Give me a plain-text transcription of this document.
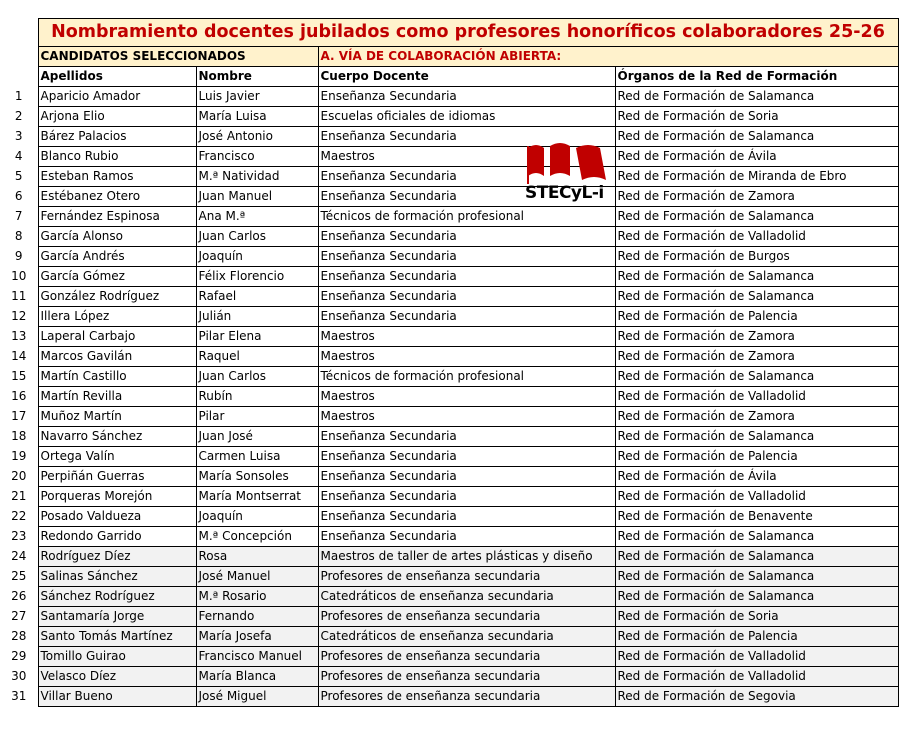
	Nombramiento docentes jubilados como profesores honoríficos colaboradores 25-26			
	CANDIDATOS SELECCIONADOS		A. VÍA DE COLABORACIÓN ABIERTA:	
	Apellidos	Nombre	Cuerpo Docente	Órganos de la Red de Formación
1	Aparicio Amador	Luis Javier	Enseñanza Secundaria	Red de Formación de Salamanca
2	Arjona Elio	María Luisa	Escuelas oficiales de idiomas	Red de Formación de Soria
3	Bárez Palacios	José Antonio	Enseñanza Secundaria	Red de Formación de Salamanca
4	Blanco Rubio	Francisco	Maestros	Red de Formación de Ávila
5	Esteban Ramos	M.ª Natividad	Enseñanza Secundaria	Red de Formación de Miranda de Ebro
6	Estébanez Otero	Juan Manuel	Enseñanza Secundaria	Red de Formación de Zamora
7	Fernández Espinosa	Ana M.ª	Técnicos de formación profesional	Red de Formación de Salamanca
8	García Alonso	Juan Carlos	Enseñanza Secundaria	Red de Formación de Valladolid
9	García Andrés	Joaquín	Enseñanza Secundaria	Red de Formación de Burgos
10	García Gómez	Félix Florencio	Enseñanza Secundaria	Red de Formación de Salamanca
11	González Rodríguez	Rafael	Enseñanza Secundaria	Red de Formación de Salamanca
12	Illera López	Julián	Enseñanza Secundaria	Red de Formación de Palencia
13	Laperal Carbajo	Pilar Elena	Maestros	Red de Formación de Zamora
14	Marcos Gavilán	Raquel	Maestros	Red de Formación de Zamora
15	Martín Castillo	Juan Carlos	Técnicos de formación profesional	Red de Formación de Salamanca
16	Martín Revilla	Rubín	Maestros	Red de Formación de Valladolid
17	Muñoz Martín	Pilar	Maestros	Red de Formación de Zamora
18	Navarro Sánchez	Juan José	Enseñanza Secundaria	Red de Formación de Salamanca
19	Ortega Valín	Carmen Luisa	Enseñanza Secundaria	Red de Formación de Palencia
20	Perpiñán Guerras	María Sonsoles	Enseñanza Secundaria	Red de Formación de Ávila
21	Porqueras Morejón	María Montserrat	Enseñanza Secundaria	Red de Formación de Valladolid
22	Posado Valdueza	Joaquín	Enseñanza Secundaria	Red de Formación de Benavente
23	Redondo Garrido	M.ª Concepción	Enseñanza Secundaria	Red de Formación de Salamanca
24	Rodríguez Díez	Rosa	Maestros de taller de artes plásticas y diseño	Red de Formación de Salamanca
25	Salinas Sánchez	José Manuel	Profesores de enseñanza secundaria	Red de Formación de Salamanca
26	Sánchez Rodríguez	M.ª Rosario	Catedráticos de enseñanza secundaria	Red de Formación de Salamanca
27	Santamaría Jorge	Fernando	Profesores de enseñanza secundaria	Red de Formación de Soria
28	Santo Tomás Martínez	María Josefa	Catedráticos de enseñanza secundaria	Red de Formación de Palencia
29	Tomillo Guirao	Francisco Manuel	Profesores de enseñanza secundaria	Red de Formación de Valladolid
30	Velasco Díez	María Blanca	Profesores de enseñanza secundaria	Red de Formación de Valladolid
31	Villar Bueno	José Miguel	Profesores de enseñanza secundaria	Red de Formación de Segovia
STECyL-i
